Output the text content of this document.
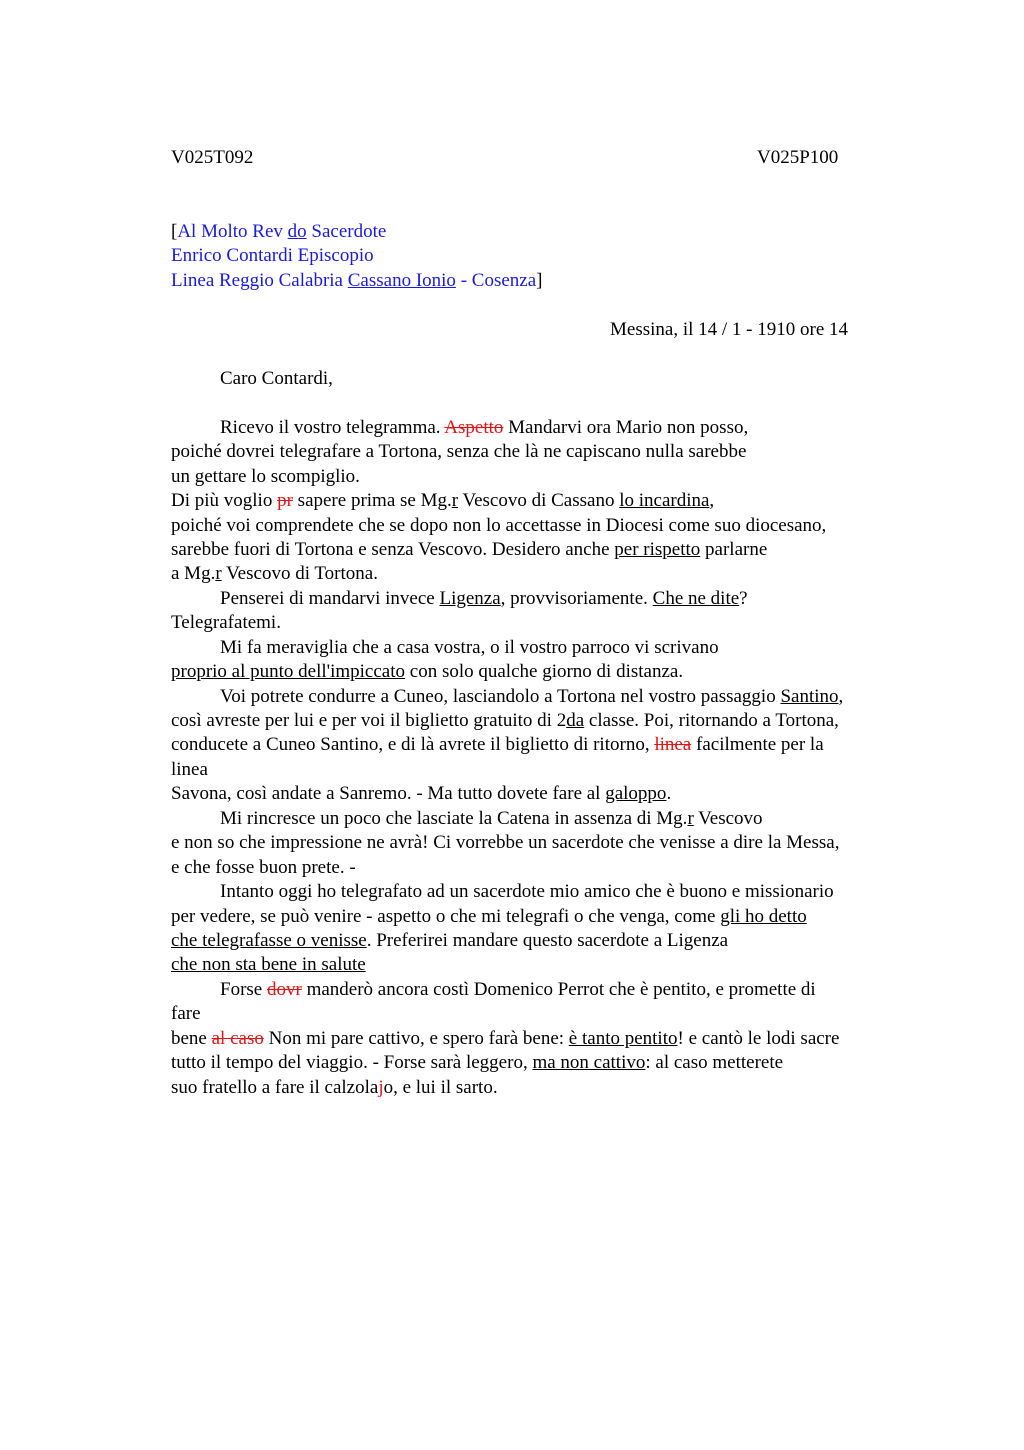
V025T092	V025P100
[Al Molto Rev do Sacerdote
Enrico Contardi Episcopio
Linea Reggio Calabria Cassano Ionio - Cosenza]
Messina, il 14 / 1 - 1910 ore 14
Caro Contardi,
Ricevo il vostro telegramma. Aspetto Mandarvi ora Mario non posso,
poiché dovrei telegrafare a Tortona, senza che là ne capiscano nulla sarebbe
un gettare lo scompiglio.
Di più voglio pr sapere prima se Mg.r Vescovo di Cassano lo incardina,
poiché voi comprendete che se dopo non lo accettasse in Diocesi come suo diocesano,
sarebbe fuori di Tortona e senza Vescovo. Desidero anche per rispetto parlarne
a Mg.r Vescovo di Tortona.
Penserei di mandarvi invece Ligenza, provvisoriamente. Che ne dite?
Telegrafatemi.
Mi fa meraviglia che a casa vostra, o il vostro parroco vi scrivano
proprio al punto dell'impiccato con solo qualche giorno di distanza.
Voi potrete condurre a Cuneo, lasciandolo a Tortona nel vostro passaggio Santino,
così avreste per lui e per voi il biglietto gratuito di 2da classe. Poi, ritornando a Tortona,
conducete a Cuneo Santino, e di là avrete il biglietto di ritorno, linea facilmente per la
linea
Savona, così andate a Sanremo. - Ma tutto dovete fare al galoppo.
Mi rincresce un poco che lasciate la Catena in assenza di Mg.r Vescovo
e non so che impressione ne avrà! Ci vorrebbe un sacerdote che venisse a dire la Messa,
e che fosse buon prete. -
Intanto oggi ho telegrafato ad un sacerdote mio amico che è buono e missionario
per vedere, se può venire - aspetto o che mi telegrafi o che venga, come gli ho detto
che telegrafasse o venisse. Preferirei mandare questo sacerdote a Ligenza
che non sta bene in salute
Forse dovr manderò ancora costì Domenico Perrot che è pentito, e promette di
fare
bene al caso Non mi pare cattivo, e spero farà bene: è tanto pentito! e cantò le lodi sacre
tutto il tempo del viaggio. - Forse sarà leggero, ma non cattivo: al caso metterete
suo fratello a fare il calzolajo, e lui il sarto.
